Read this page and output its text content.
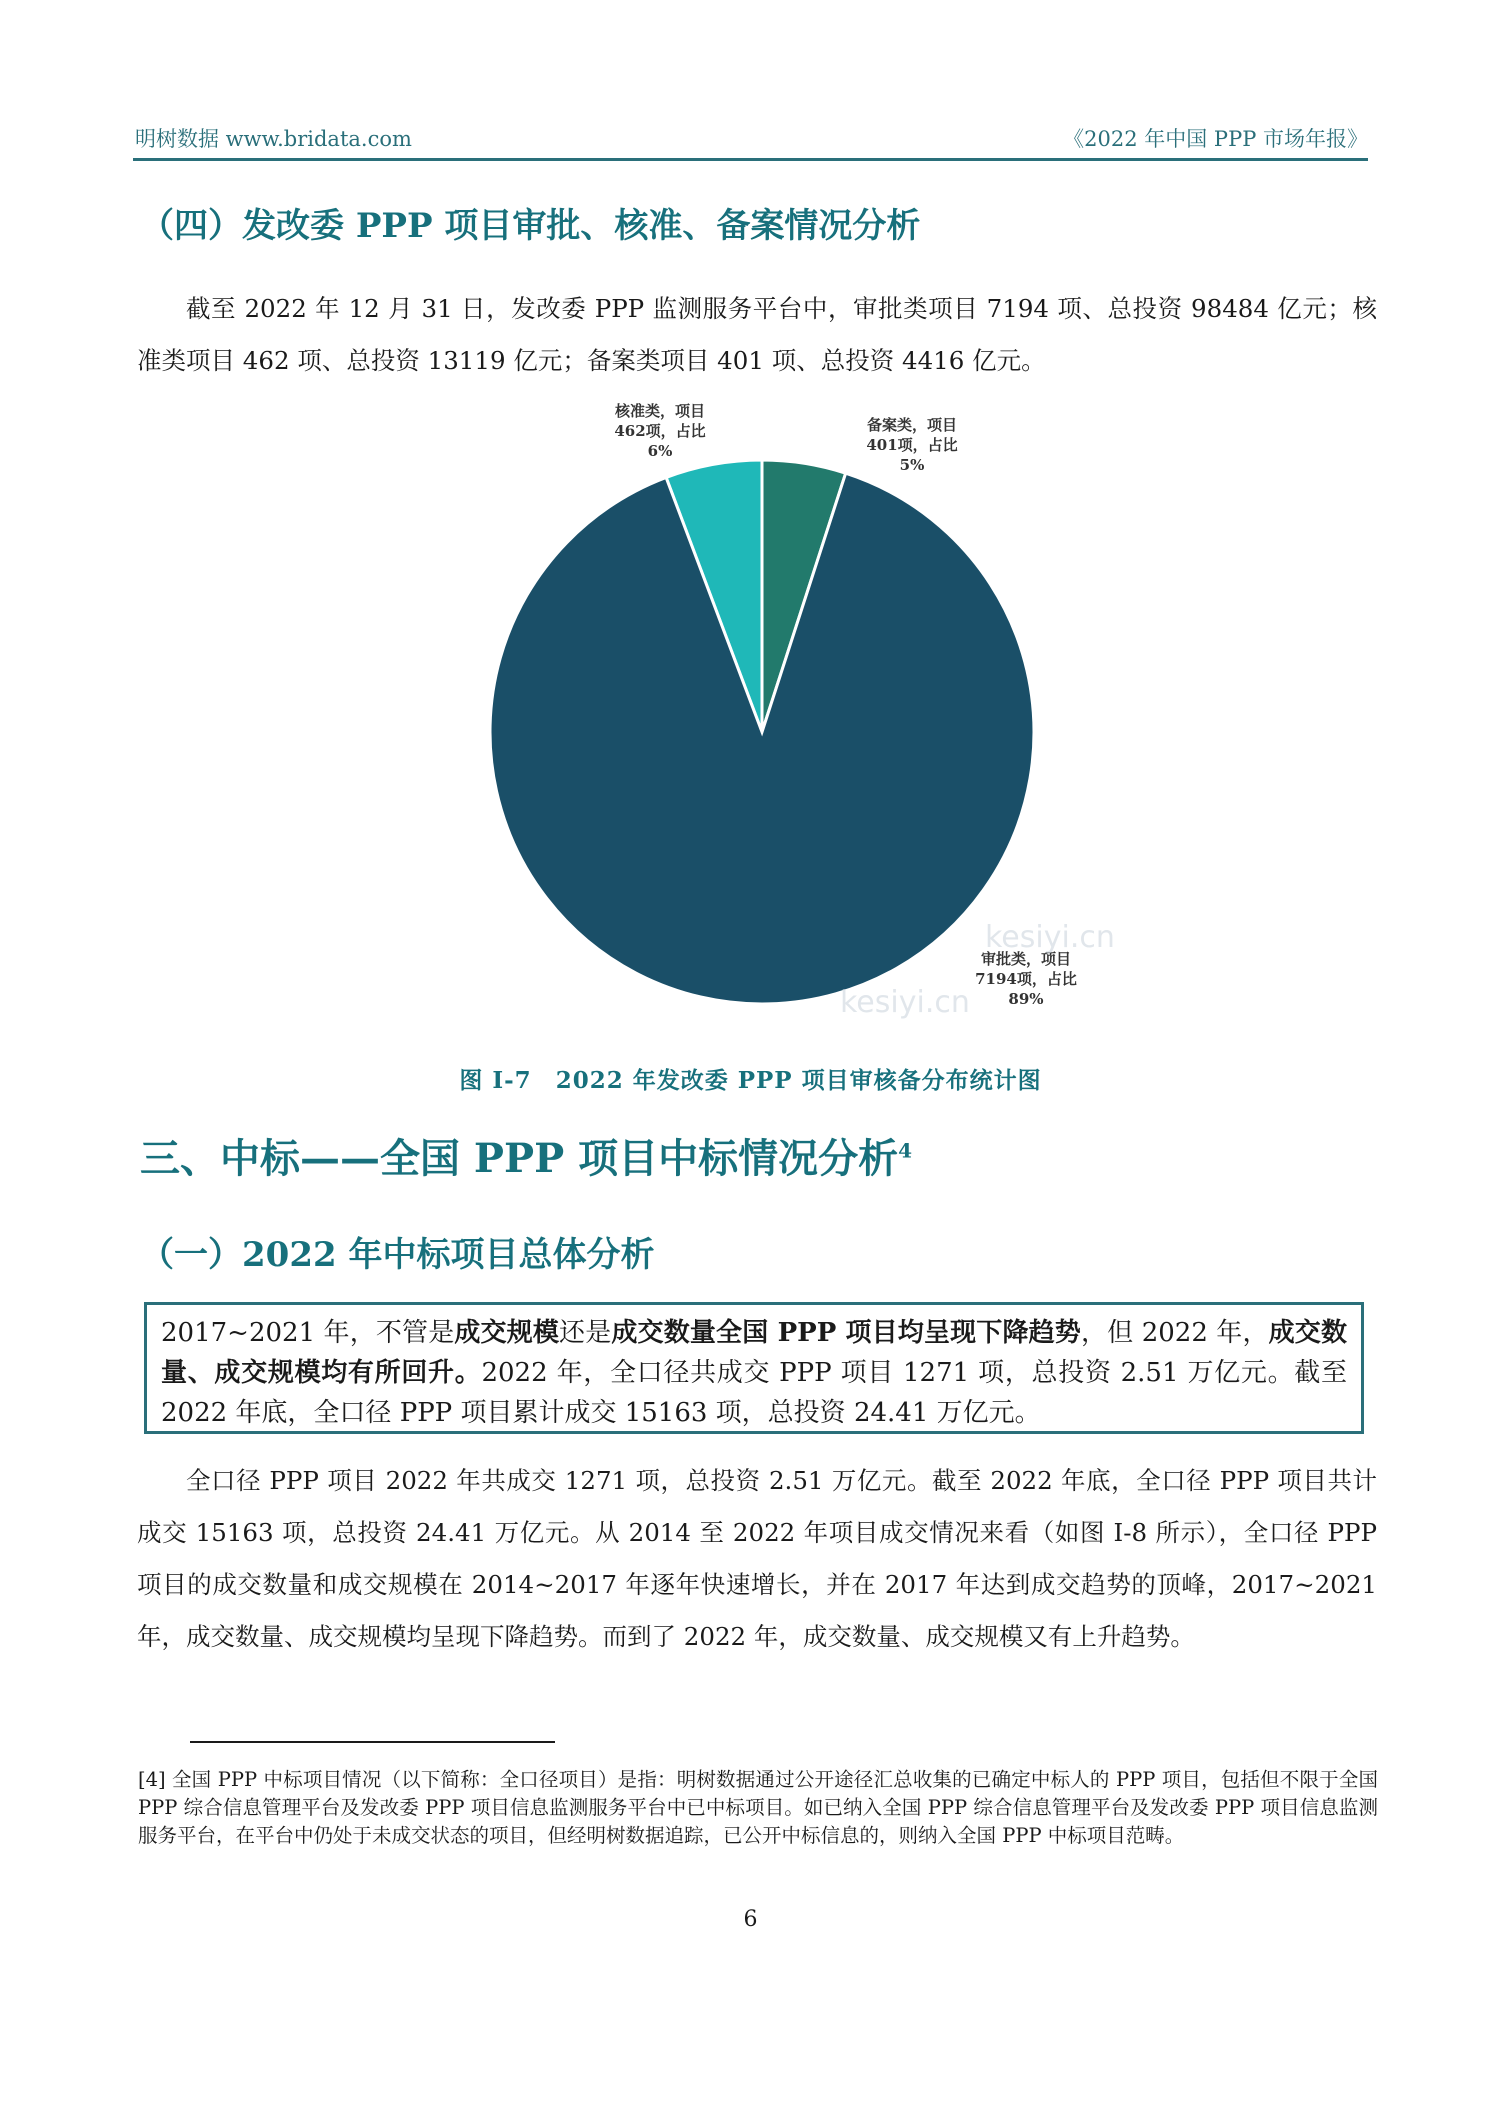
明树数据 www.bridata.com	《2022 年中国 PPP 市场年报》
（四）发改委 PPP 项目审批、核准、备案情况分析

截至 2022 年 12 月 31 日，发改委 PPP 监测服务平台中，审批类项目 7194 项、总投资 98484 亿元；核准类项目 462 项、总投资 13119 亿元；备案类项目 401 项、总投资 4416 亿元。

核准类，项目
462项，占比
6%
备案类，项目
401项，占比
5%
审批类，项目
7194项，占比
89%
图 I-7　2022 年发改委 PPP 项目审核备分布统计图
三、中标——全国 PPP 项目中标情况分析$^4$
（一）2022 年中标项目总体分析
2017~2021 年，不管是成交规模还是成交数量全国 PPP 项目均呈现下降趋势，但 2022 年，成交数量、成交规模均有所回升。2022 年，全口径共成交 PPP 项目 1271 项，总投资 2.51 万亿元。截至 2022 年底，全口径 PPP 项目累计成交 15163 项，总投资 24.41 万亿元。

全口径 PPP 项目 2022 年共成交 1271 项，总投资 2.51 万亿元。截至 2022 年底，全口径 PPP 项目共计成交 15163 项，总投资 24.41 万亿元。从 2014 至 2022 年项目成交情况来看（如图 I-8 所示），全口径 PPP 项目的成交数量和成交规模在 2014~2017 年逐年快速增长，并在 2017 年达到成交趋势的顶峰，2017~2021 年，成交数量、成交规模均呈现下降趋势。而到了 2022 年，成交数量、成交规模又有上升趋势。

[4] 全国 PPP 中标项目情况（以下简称：全口径项目）是指：明树数据通过公开途径汇总收集的已确定中标人的 PPP 项目，包括但不限于全国 PPP 综合信息管理平台及发改委 PPP 项目信息监测服务平台中已中标项目。如已纳入全国 PPP 综合信息管理平台及发改委 PPP 项目信息监测服务平台，在平台中仍处于未成交状态的项目，但经明树数据追踪，已公开中标信息的，则纳入全国 PPP 中标项目范畴。
6
kesiyi.cn
kesiyi.cn
